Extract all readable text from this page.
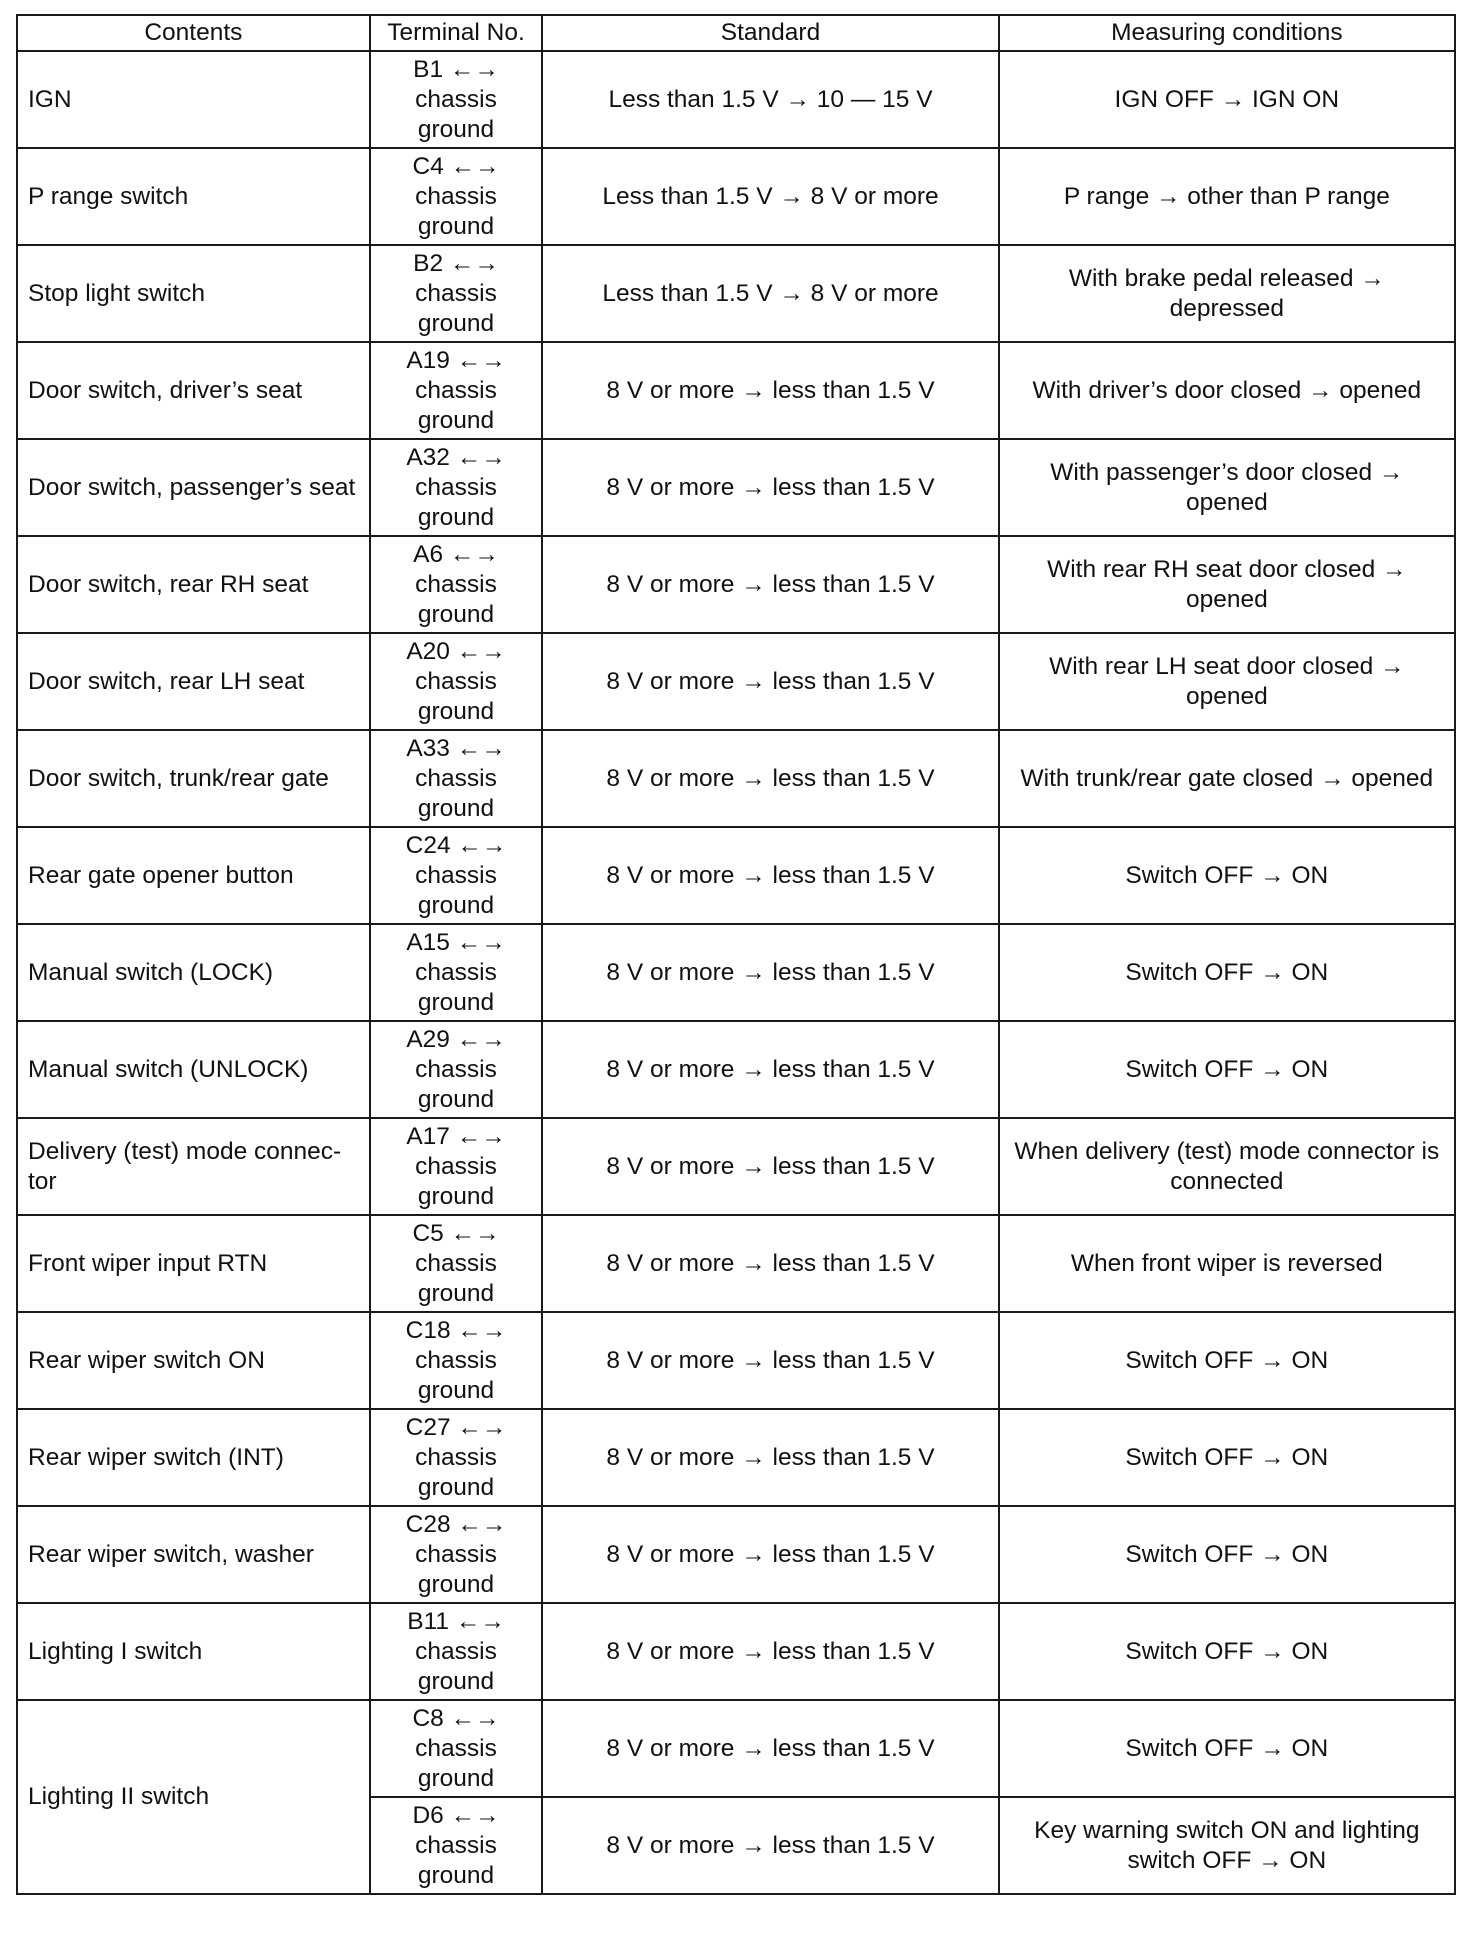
Contents	Terminal No.	Standard	Measuring conditions
IGN	B1 ←→
chassis
ground	Less than 1.5 V → 10 — 15 V	IGN OFF → IGN ON
P range switch	C4 ←→
chassis
ground	Less than 1.5 V → 8 V or more	P range → other than P range
Stop light switch	B2 ←→
chassis
ground	Less than 1.5 V → 8 V or more	With brake pedal released → depressed
Door switch, driver’s seat	A19 ←→
chassis
ground	8 V or more → less than 1.5 V	With driver’s door closed → opened
Door switch, passenger’s seat	A32 ←→
chassis
ground	8 V or more → less than 1.5 V	With passenger’s door closed → opened
Door switch, rear RH seat	A6 ←→
chassis
ground	8 V or more → less than 1.5 V	With rear RH seat door closed → opened
Door switch, rear LH seat	A20 ←→
chassis
ground	8 V or more → less than 1.5 V	With rear LH seat door closed → opened
Door switch, trunk/rear gate	A33 ←→
chassis
ground	8 V or more → less than 1.5 V	With trunk/rear gate closed → opened
Rear gate opener button	C24 ←→
chassis
ground	8 V or more → less than 1.5 V	Switch OFF → ON
Manual switch (LOCK)	A15 ←→
chassis
ground	8 V or more → less than 1.5 V	Switch OFF → ON
Manual switch (UNLOCK)	A29 ←→
chassis
ground	8 V or more → less than 1.5 V	Switch OFF → ON
Delivery (test) mode connec-tor	A17 ←→
chassis
ground	8 V or more → less than 1.5 V	When delivery (test) mode connector is connected
Front wiper input RTN	C5 ←→
chassis
ground	8 V or more → less than 1.5 V	When front wiper is reversed
Rear wiper switch ON	C18 ←→
chassis
ground	8 V or more → less than 1.5 V	Switch OFF → ON
Rear wiper switch (INT)	C27 ←→
chassis
ground	8 V or more → less than 1.5 V	Switch OFF → ON
Rear wiper switch, washer	C28 ←→
chassis
ground	8 V or more → less than 1.5 V	Switch OFF → ON
Lighting I switch	B11 ←→
chassis
ground	8 V or more → less than 1.5 V	Switch OFF → ON
Lighting II switch	C8 ←→
chassis
ground	8 V or more → less than 1.5 V	Switch OFF → ON

	D6 ←→
chassis
ground	8 V or more → less than 1.5 V	Key warning switch ON and lighting switch OFF → ON
